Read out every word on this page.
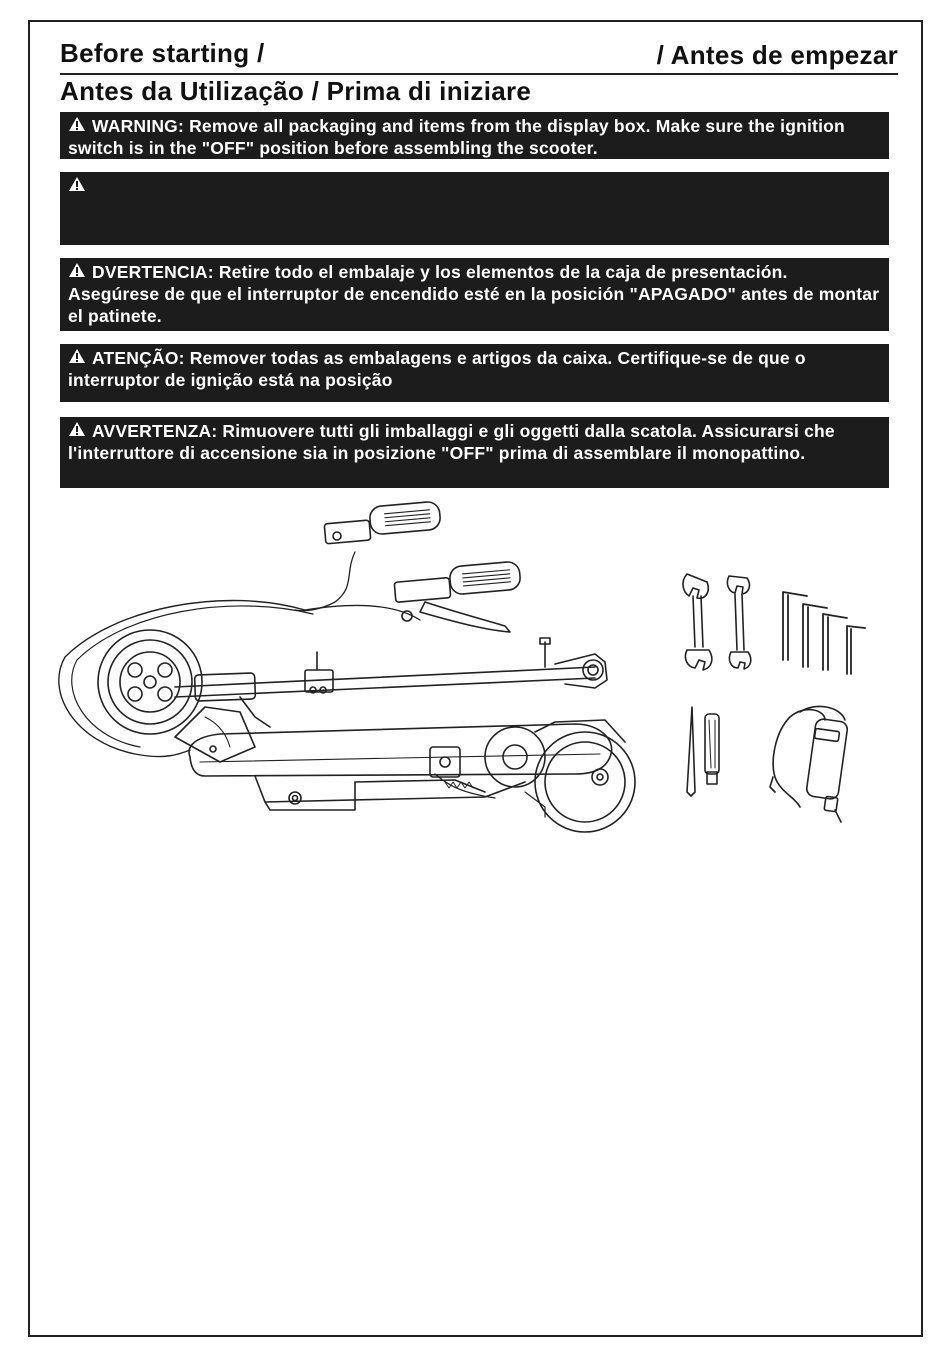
Before starting /	/ Antes de empezar
Antes da Utilização / Prima di iniziare
WARNING: Remove all packaging and items from the display box. Make sure the ignition switch is in the "OFF" position before assembling the scooter.
DVERTENCIA: Retire todo el embalaje y los elementos de la caja de presentación. Asegúrese de que el interruptor de encendido esté en la posición "APAGADO" antes de montar el patinete.
ATENÇÃO: Remover todas as embalagens e artigos da caixa. Certifique-se de que o interruptor de ignição está na posição
AVVERTENZA: Rimuovere tutti gli imballaggi e gli oggetti dalla scatola. Assicurarsi che l'interruttore di accensione sia in posizione "OFF" prima di assemblare il monopattino.
